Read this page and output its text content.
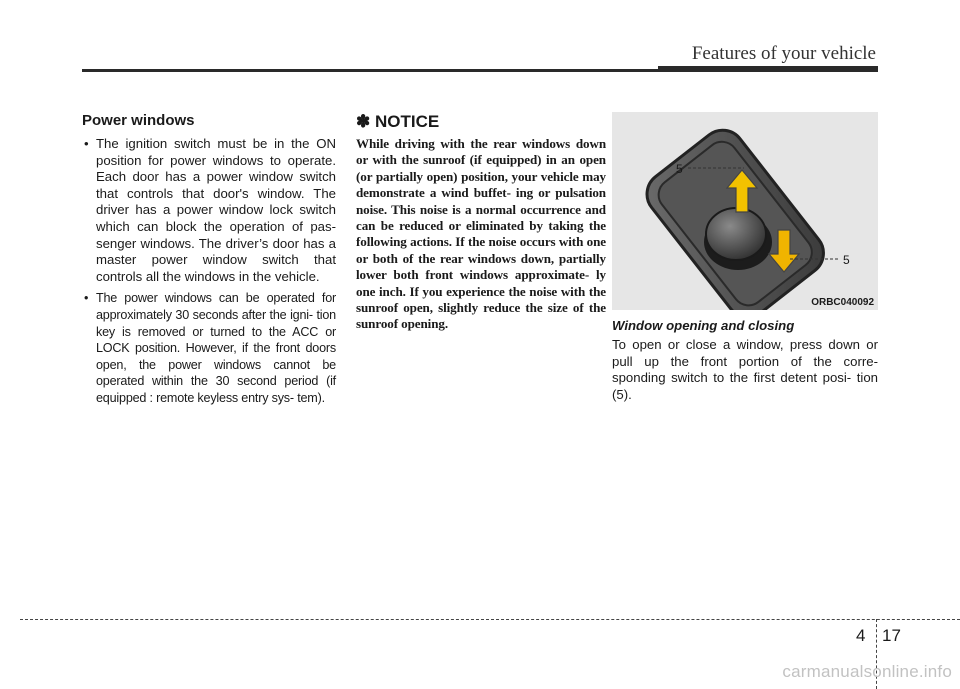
Features of your vehicle
Power windows
• The ignition switch must be in the ON position for power windows to operate. Each door has a power window switch that controls that door's window. The driver has a power window lock switch which can block the operation of pas- senger windows. The driver’s door has a master power window switch that controls all the windows in the vehicle.
• The power windows can be operated for approximately 30 seconds after the igni- tion key is removed or turned to the ACC or LOCK position. However, if the front doors open, the power windows cannot be operated within the 30 second period (if equipped : remote keyless entry sys- tem).
✽ NOTICE

While driving with the rear windows down or with the sunroof (if equipped) in an open (or partially open) position, your vehicle may demonstrate a wind buffet- ing or pulsation noise. This noise is a normal occurrence and can be reduced or eliminated by taking the following actions. If the noise occurs with one or both of the rear windows down, partially lower both front windows approximate- ly one inch. If you experience the noise with the sunroof open, slightly reduce the size of the sunroof opening.

5
5
ORBC040092
Window opening and closing

To open or close a window, press down or pull up the front portion of the corre- sponding switch to the first detent posi- tion (5).

4 17
carmanualsonline.info
